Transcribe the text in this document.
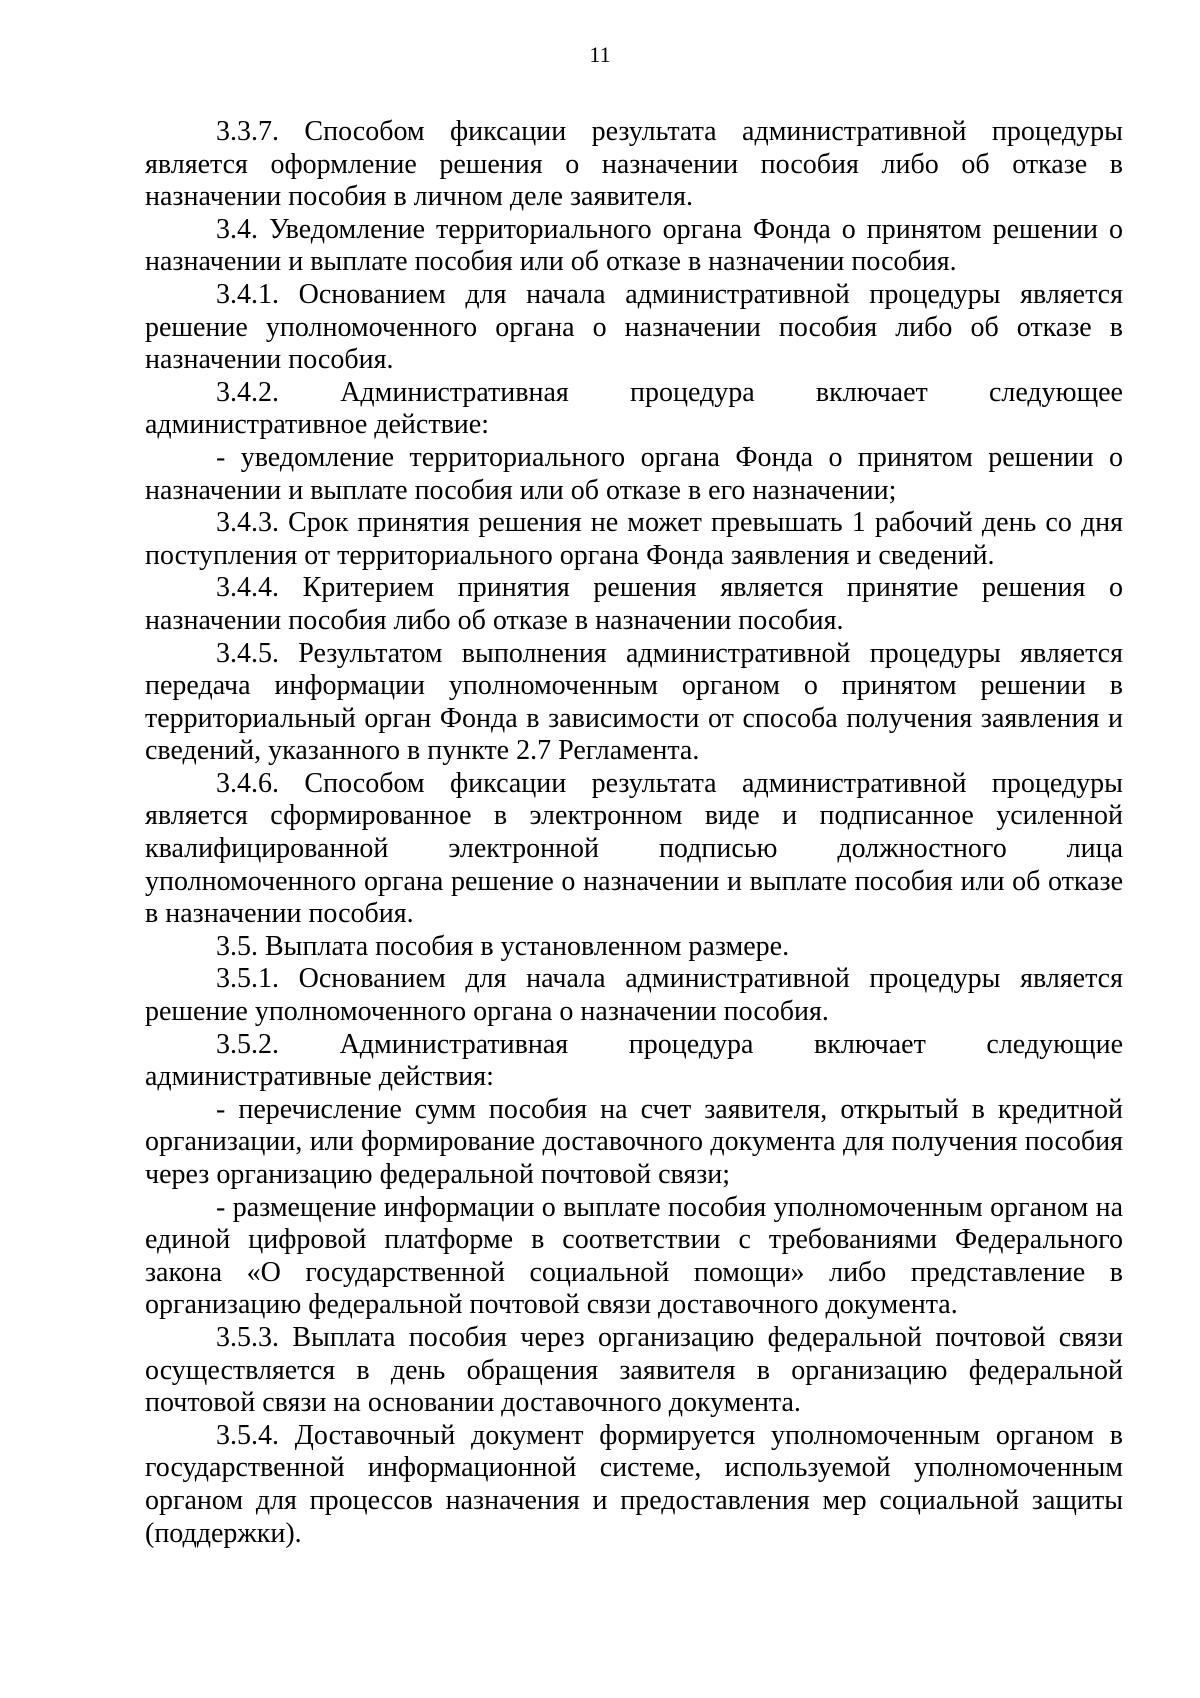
11

3.3.7. Способом фиксации результата административной процедуры является оформление решения о назначении пособия либо об отказе в назначении пособия в личном деле заявителя.

3.4. Уведомление территориального органа Фонда о принятом решении о назначении и выплате пособия или об отказе в назначении пособия.

3.4.1. Основанием для начала административной процедуры является решение уполномоченного органа о назначении пособия либо об отказе в назначении пособия.

3.4.2. Административная процедура включает следующее административное действие:

- уведомление территориального органа Фонда о принятом решении о назначении и выплате пособия или об отказе в его назначении;

3.4.3. Срок принятия решения не может превышать 1 рабочий день со дня поступления от территориального органа Фонда заявления и сведений.

3.4.4. Критерием принятия решения является принятие решения о назначении пособия либо об отказе в назначении пособия.

3.4.5. Результатом выполнения административной процедуры является передача информации уполномоченным органом о принятом решении в территориальный орган Фонда в зависимости от способа получения заявления и сведений, указанного в пункте 2.7 Регламента.

3.4.6. Способом фиксации результата административной процедуры является сформированное в электронном виде и подписанное усиленной квалифицированной электронной подписью должностного лица уполномоченного органа решение о назначении и выплате пособия или об отказе в назначении пособия.

3.5. Выплата пособия в установленном размере.

3.5.1. Основанием для начала административной процедуры является решение уполномоченного органа о назначении пособия.

3.5.2. Административная процедура включает следующие административные действия:

- перечисление сумм пособия на счет заявителя, открытый в кредитной организации, или формирование доставочного документа для получения пособия через организацию федеральной почтовой связи;

- размещение информации о выплате пособия уполномоченным органом на единой цифровой платформе в соответствии с требованиями Федерального закона «О государственной социальной помощи» либо представление в организацию федеральной почтовой связи доставочного документа.

3.5.3. Выплата пособия через организацию федеральной почтовой связи осуществляется в день обращения заявителя в организацию федеральной почтовой связи на основании доставочного документа.

3.5.4. Доставочный документ формируется уполномоченным органом в государственной информационной системе, используемой уполномоченным органом для процессов назначения и предоставления мер социальной защиты (поддержки).
